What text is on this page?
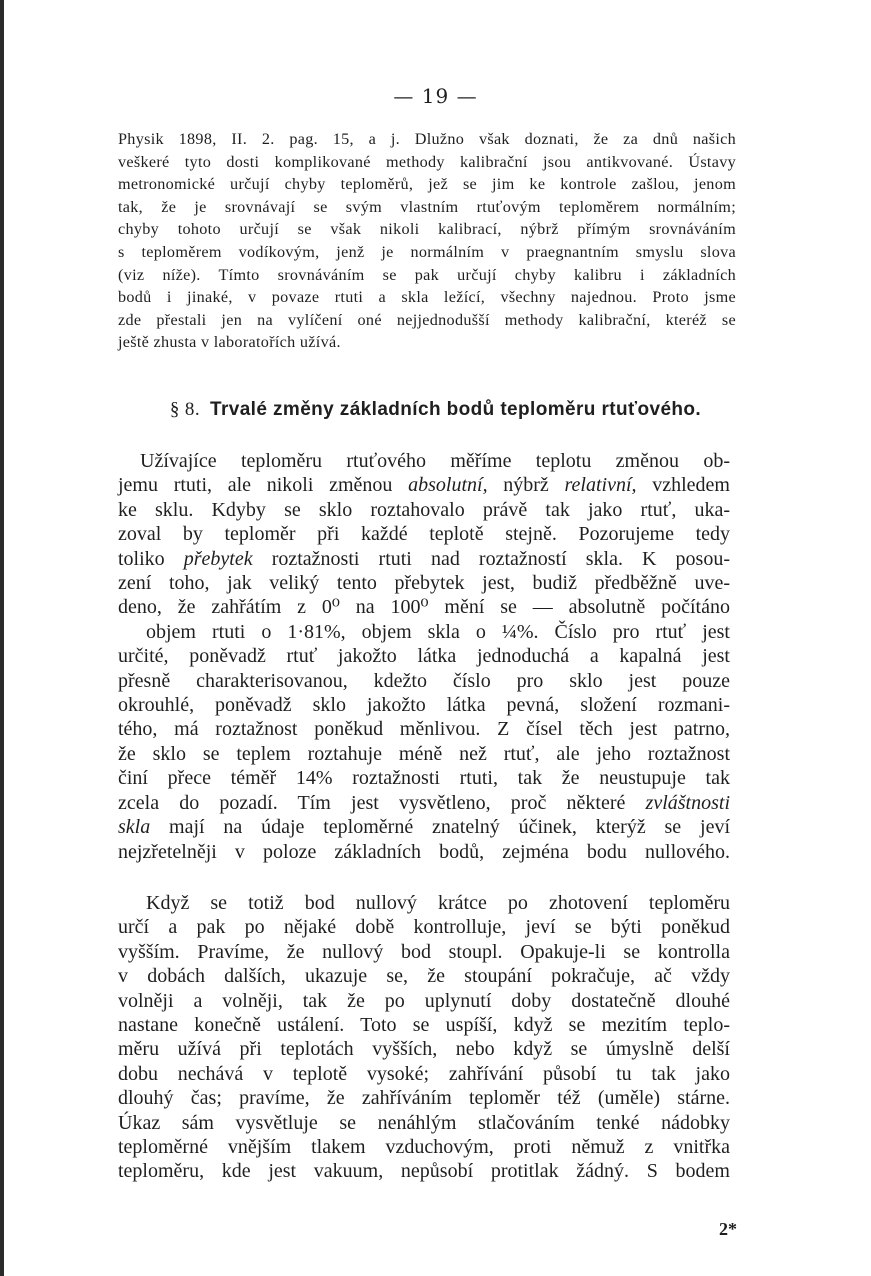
— 19 —
Physik 1898, II. 2. pag. 15, a j. Dlužno však doznati, že za dnů našich
veškeré tyto dosti komplikované methody kalibrační jsou antikvované. Ústavy
metronomické určují chyby teploměrů, jež se jim ke kontrole zašlou, jenom
tak, že je srovnávají se svým vlastním rtuťovým teploměrem normálním;
chyby tohoto určují se však nikoli kalibrací, nýbrž přímým srovnáváním
s teploměrem vodíkovým, jenž je normálním v praegnantním smyslu slova
(viz níže). Tímto srovnáváním se pak určují chyby kalibru i základních
bodů i jinaké, v povaze rtuti a skla ležící, všechny najednou. Proto jsme
zde přestali jen na vylíčení oné nejjednodušší methody kalibrační, kteréž se
ještě zhusta v laboratořích užívá.
§ 8. Trvalé změny základních bodů teploměru rtuťového.
Užívajíce teploměru rtuťového měříme teplotu změnou ob-
jemu rtuti, ale nikoli změnou absolutní, nýbrž relativní, vzhledem
ke sklu. Kdyby se sklo roztahovalo právě tak jako rtuť, uka-
zoval by teploměr při každé teplotě stejně. Pozorujeme tedy
toliko přebytek roztažnosti rtuti nad roztažností skla. K posou-
zení toho, jak veliký tento přebytek jest, budiž předběžně uve-
deno, že zahřátím z 0⁰ na 100⁰ mění se — absolutně počítáno
objem rtuti o 1·81%, objem skla o ¼%. Číslo pro rtuť jest
určité, poněvadž rtuť jakožto látka jednoduchá a kapalná jest
přesně charakterisovanou, kdežto číslo pro sklo jest pouze
okrouhlé, poněvadž sklo jakožto látka pevná, složení rozmani-
tého, má roztažnost poněkud měnlivou. Z čísel těch jest patrno,
že sklo se teplem roztahuje méně než rtuť, ale jeho roztažnost
činí přece téměř 14% roztažnosti rtuti, tak že neustupuje tak
zcela do pozadí. Tím jest vysvětleno, proč některé zvláštnosti
skla mají na údaje teploměrné znatelný účinek, kterýž se jeví
nejzřetelněji v poloze základních bodů, zejména bodu nullového.
Když se totiž bod nullový krátce po zhotovení teploměru
určí a pak po nějaké době kontrolluje, jeví se býti poněkud
vyšším. Pravíme, že nullový bod stoupl. Opakuje-li se kontrolla
v dobách dalších, ukazuje se, že stoupání pokračuje, ač vždy
volněji a volněji, tak že po uplynutí doby dostatečně dlouhé
nastane konečně ustálení. Toto se uspíší, když se mezitím teplo-
měru užívá při teplotách vyšších, nebo když se úmyslně delší
dobu nechává v teplotě vysoké; zahřívání působí tu tak jako
dlouhý čas; pravíme, že zahříváním teploměr též (uměle) stárne.
Úkaz sám vysvětluje se nenáhlým stlačováním tenké nádobky
teploměrné vnějším tlakem vzduchovým, proti němuž z vnitřka
teploměru, kde jest vakuum, nepůsobí protitlak žádný. S bodem
2*
